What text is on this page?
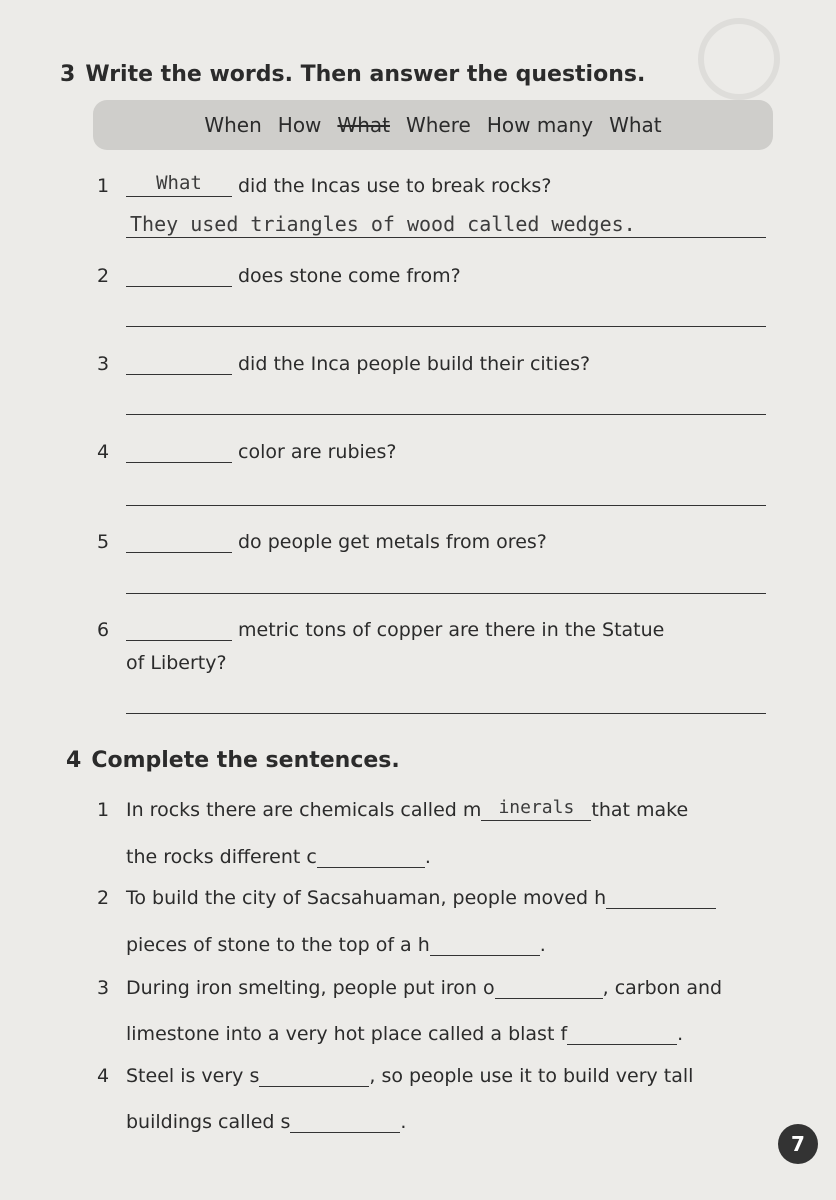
3 Write the words. Then answer the questions.
When How What Where How many What
1	What	did the Incas use to break rocks?
They used triangles of wood called wedges.
2	does stone come from?
3	did the Inca people build their cities?
4	color are rubies?
5	do people get metals from ores?
6	metric tons of copper are there in the Statue
of Liberty?
4 Complete the sentences.
1 In rocks there are chemicals called m inerals that make
the rocks different c	.
2 To build the city of Sacsahuaman, people moved h
pieces of stone to the top of a h	.
3 During iron smelting, people put iron o	, carbon and
limestone into a very hot place called a blast f	.
4 Steel is very s	, so people use it to build very tall
buildings called s	.
7
